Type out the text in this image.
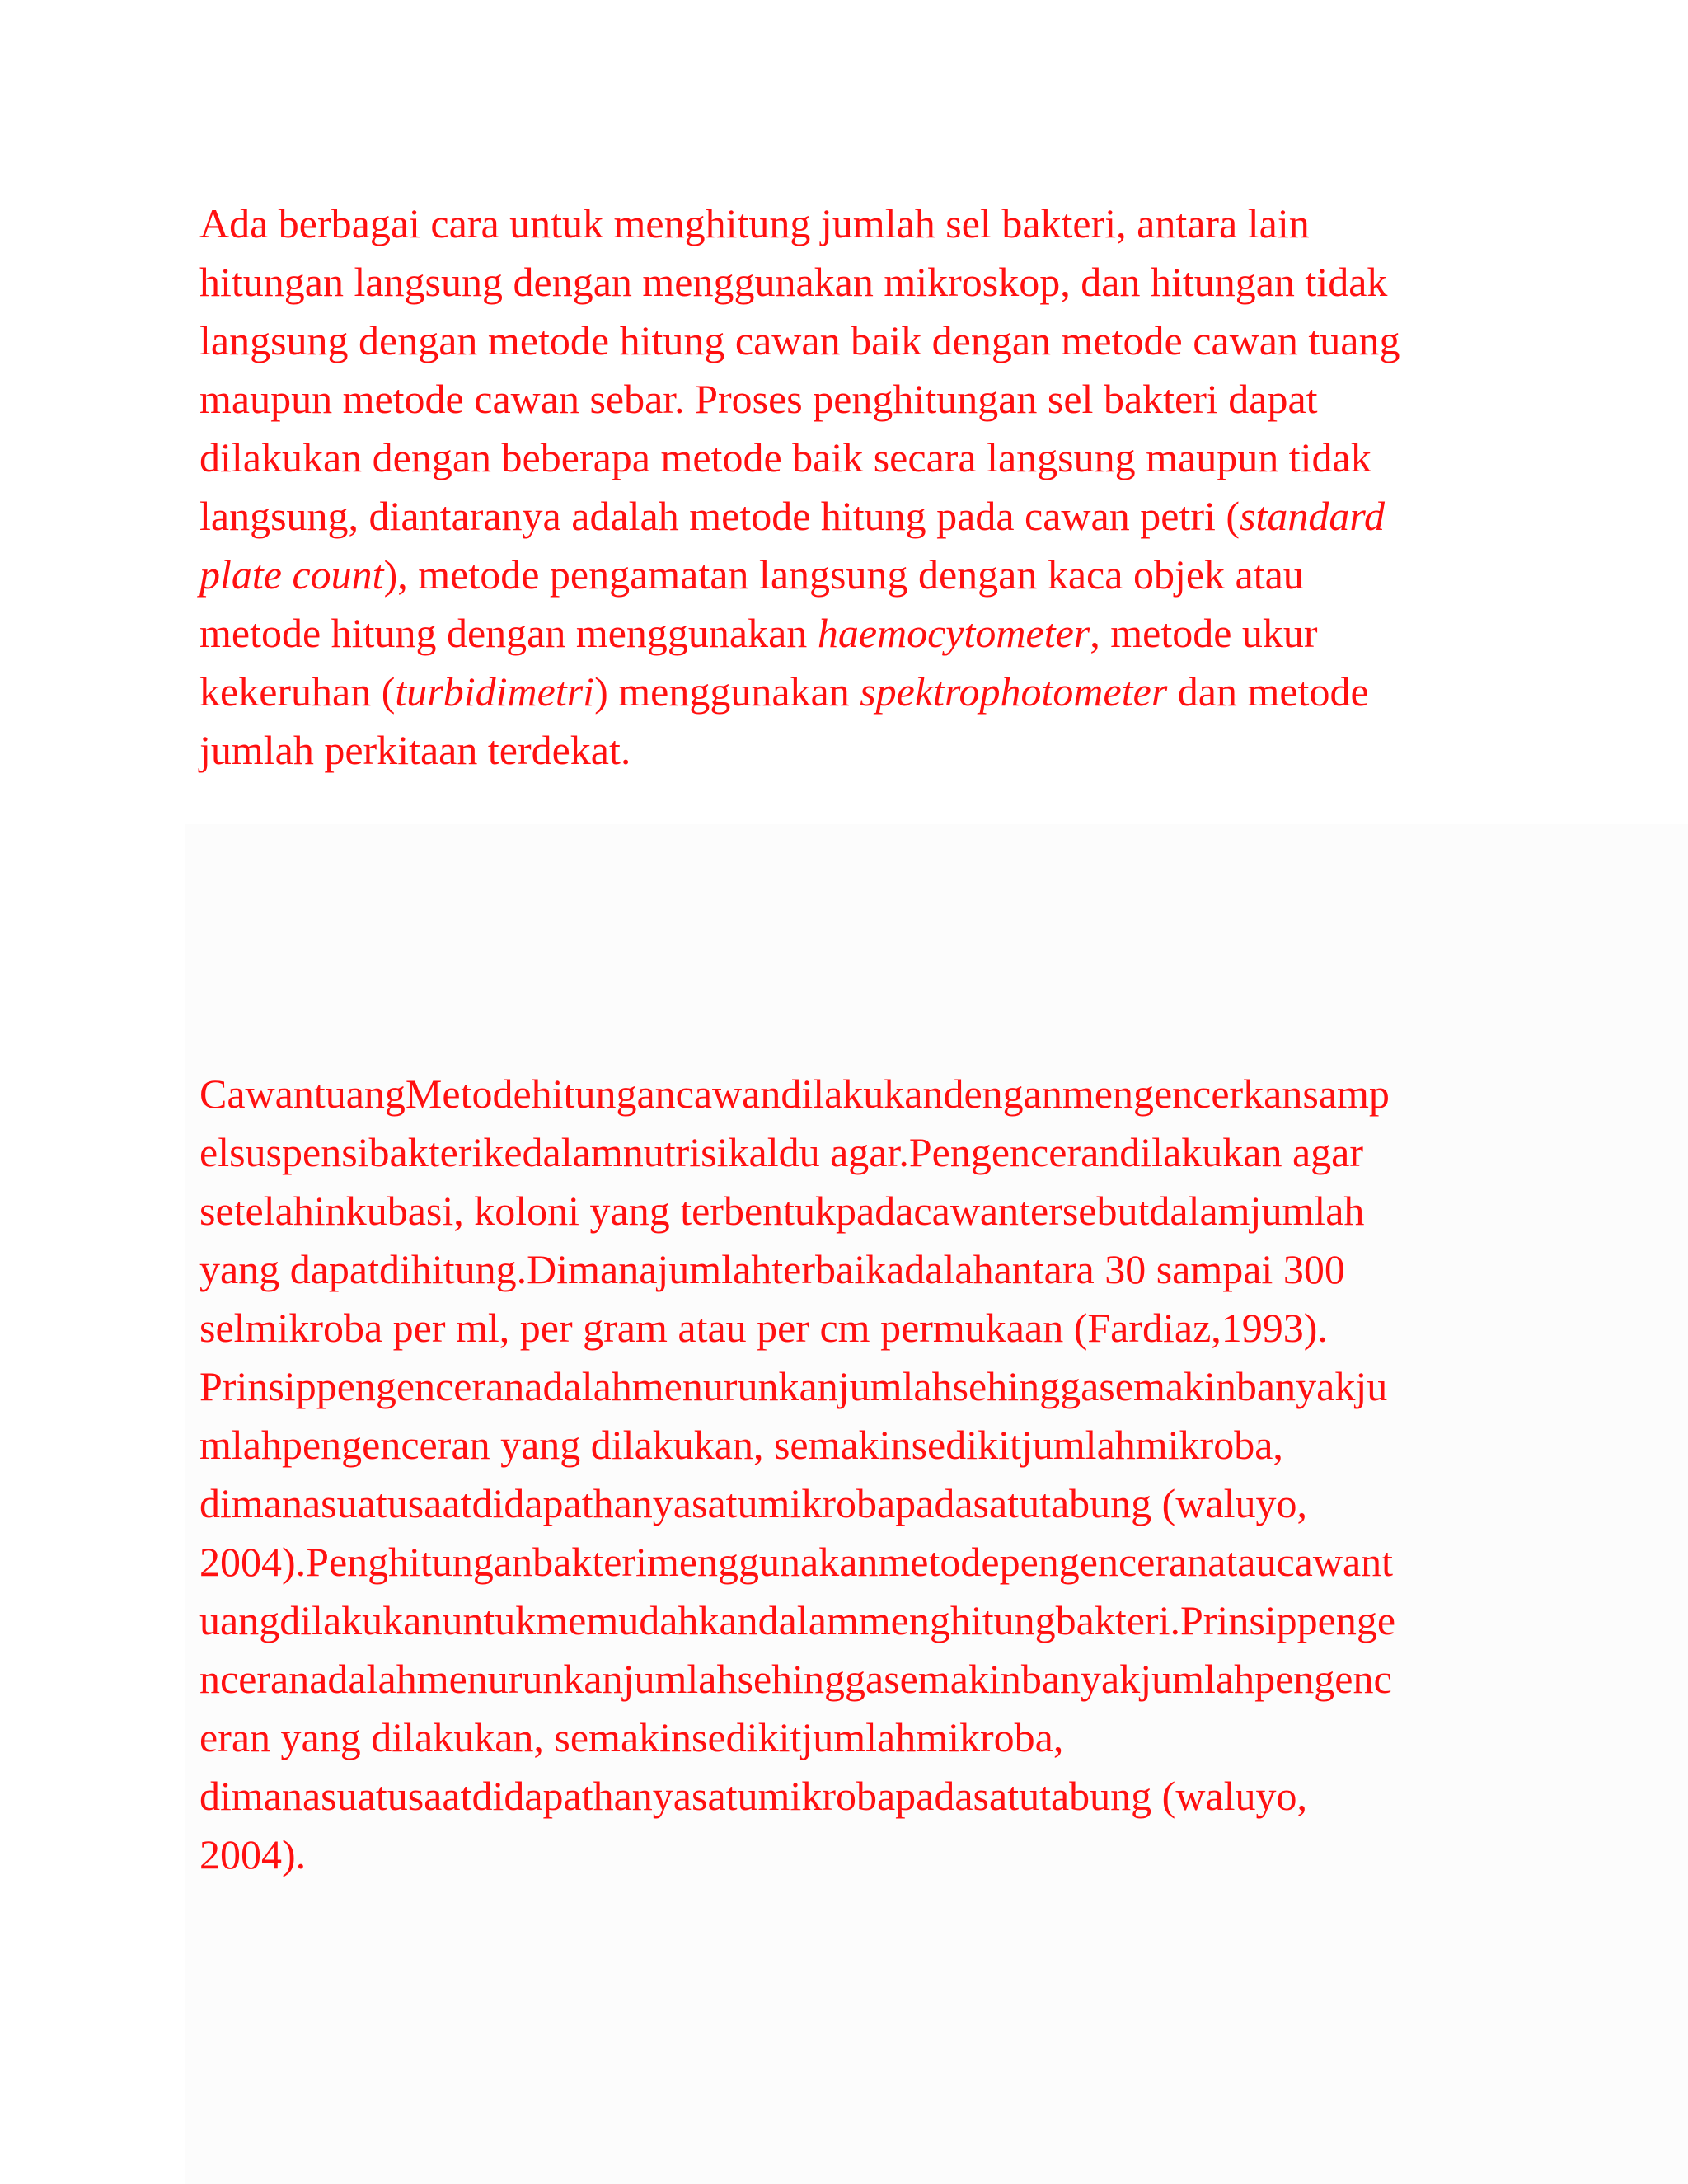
Ada berbagai cara untuk menghitung jumlah sel bakteri, antara lain
hitungan langsung dengan menggunakan mikroskop, dan hitungan tidak
langsung dengan metode hitung cawan baik dengan metode cawan tuang
maupun metode cawan sebar. Proses penghitungan sel bakteri dapat
dilakukan dengan beberapa metode baik secara langsung maupun tidak
langsung, diantaranya adalah metode hitung pada cawan petri (standard
plate count), metode pengamatan langsung dengan kaca objek atau
metode hitung dengan menggunakan haemocytometer, metode ukur
kekeruhan (turbidimetri) menggunakan spektrophotometer dan metode
jumlah perkitaan terdekat.
CawantuangMetodehitungancawandilakukandenganmengencerkansamp
elsuspensibakterikedalamnutrisikaldu agar.Pengencerandilakukan agar
setelahinkubasi, koloni yang terbentukpadacawantersebutdalamjumlah
yang dapatdihitung.Dimanajumlahterbaikadalahantara 30 sampai 300
selmikroba per ml, per gram atau per cm permukaan (Fardiaz,1993).
Prinsippengenceranadalahmenurunkanjumlahsehinggasemakinbanyakju
mlahpengenceran yang dilakukan, semakinsedikitjumlahmikroba,
dimanasuatusaatdidapathanyasatumikrobapadasatutabung (waluyo,
2004).Penghitunganbakterimenggunakanmetodepengenceranataucawant
uangdilakukanuntukmemudahkandalammenghitungbakteri.Prinsippenge
nceranadalahmenurunkanjumlahsehinggasemakinbanyakjumlahpengenc
eran yang dilakukan, semakinsedikitjumlahmikroba,
dimanasuatusaatdidapathanyasatumikrobapadasatutabung (waluyo,
2004).
